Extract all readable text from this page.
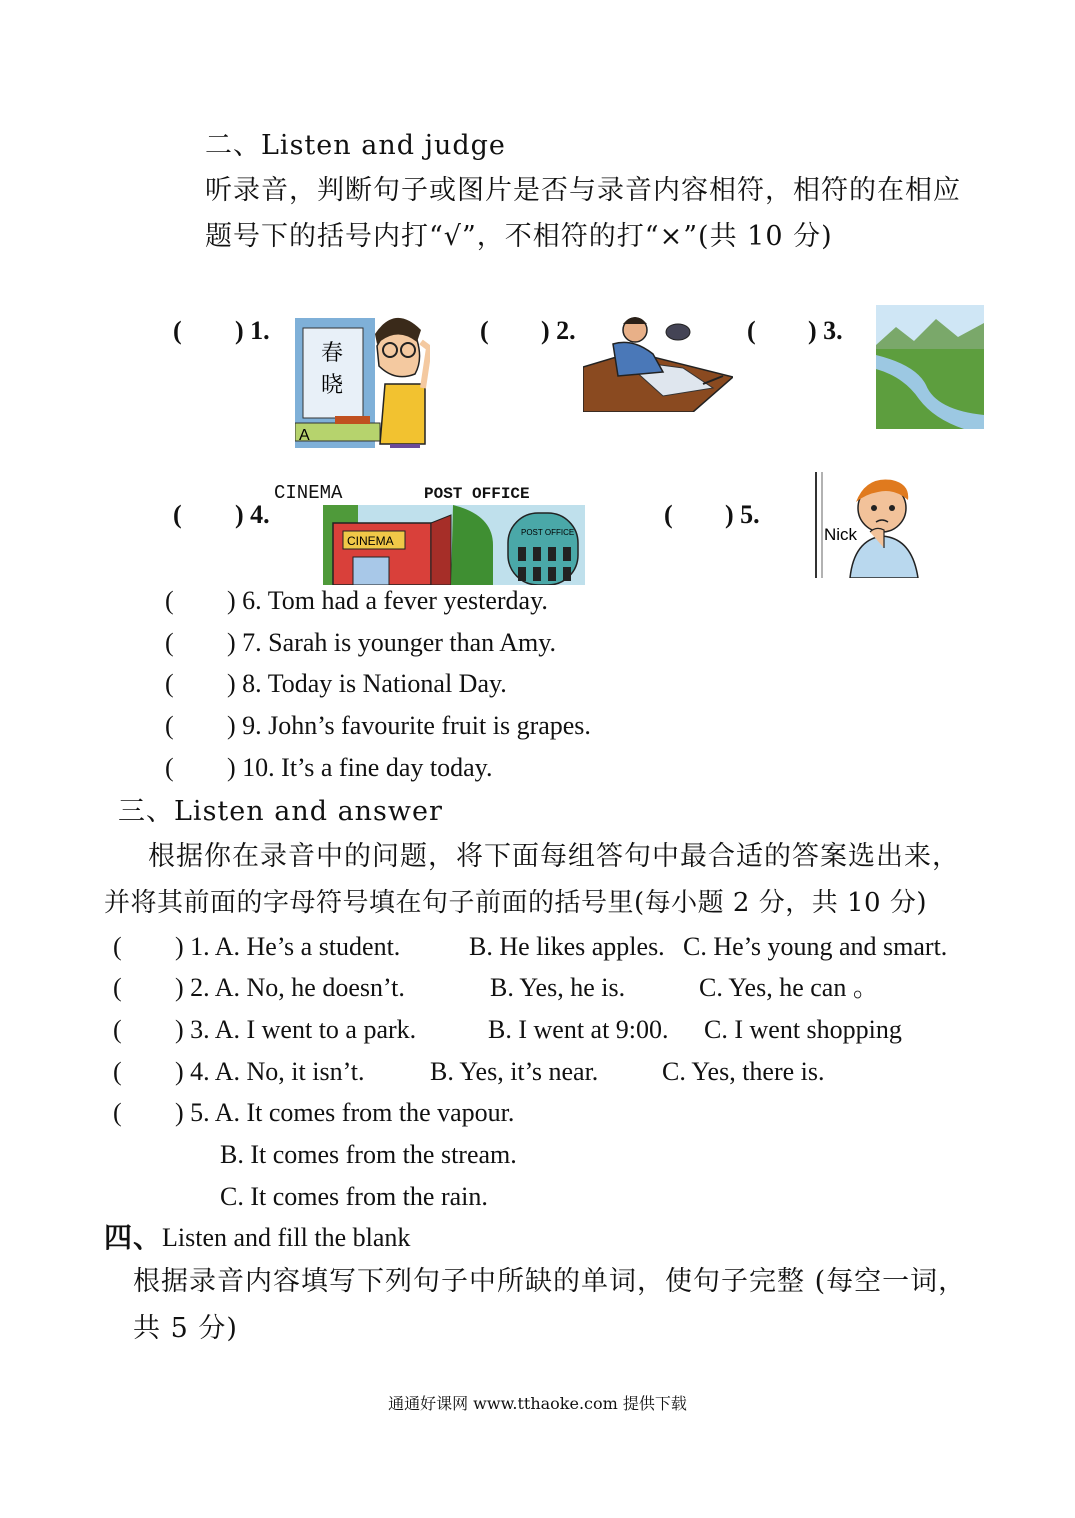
二、Listen and judge
听录音，判断句子或图片是否与录音内容相符，相符的在相应
题号下的括号内打“√”，不相符的打“×”(共 10 分)
( ) 1.
春
晓
A
( ) 2.	( ) 3.
( ) 4.
CINEMA	POST OFFICE
CINEMA
POST OFFICE
( ) 5.
Nick
( ) 6. Tom had a fever yesterday.
( ) 7. Sarah is younger than Amy.
( ) 8. Today is National Day.
( ) 9. John’s favourite fruit is grapes.
( ) 10. It’s a fine day today.
三、Listen and answer
根据你在录音中的问题，将下面每组答句中最合适的答案选出来，
并将其前面的字母符号填在句子前面的括号里(每小题 2 分，共 10 分)
( ) 1. A. He’s a student.	B. He likes apples. C. He’s young and smart.
( ) 2. A. No, he doesn’t.	B. Yes, he is.	C. Yes, he can 。
( ) 3. A. I went to a park.	B. I went at 9:00. C. I went shopping
( ) 4. A. No, it isn’t.	B. Yes, it’s near. C. Yes, there is.
( ) 5. A. It comes from the vapour.
B. It comes from the stream.
C. It comes from the rain.
四、 Listen and fill the blank
根据录音内容填写下列句子中所缺的单词，使句子完整 (每空一词，
共 5 分)
通通好课网 www.tthaoke.com 提供下载
